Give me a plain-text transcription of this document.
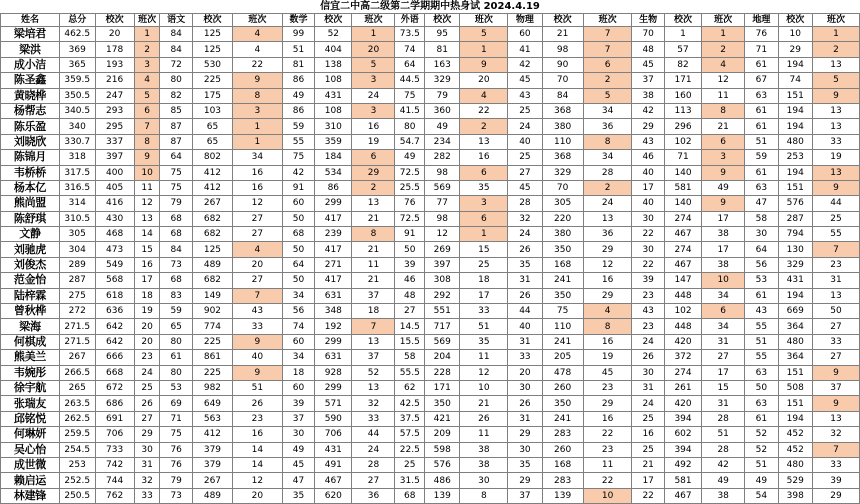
信宜二中高二级第二学期期中热身试 2024.4.19
姓名	总分	校次	班次	语文	校次	班次	数学	校次	班次	外语	校次	班次	物理	校次	班次	生物	校次	班次	地理	校次	班次
梁培君	462.5	20	1	84	125	4	99	52	1	73.5	95	5	60	21	7	70	1	1	76	10	1
梁洪	369	178	2	84	125	4	51	404	20	74	81	1	41	98	7	48	57	2	71	29	2
成小洁	365	193	3	72	530	22	81	138	5	64	163	9	42	90	6	45	82	4	61	194	13
陈圣鑫	359.5	216	4	80	225	9	86	108	3	44.5	329	20	45	70	2	37	171	12	67	74	5
黄晓桦	350.5	247	5	82	175	8	49	431	24	75	79	4	43	84	5	38	160	11	63	151	9
杨帮志	340.5	293	6	85	103	3	86	108	3	41.5	360	22	25	368	34	42	113	8	61	194	13
陈乐盈	340	295	7	87	65	1	59	310	16	80	49	2	24	380	36	29	296	21	61	194	13
刘晓欣	330.7	337	8	87	65	1	55	359	19	54.7	234	13	40	110	8	43	102	6	51	480	33
陈锦月	318	397	9	64	802	34	75	184	6	49	282	16	25	368	34	46	71	3	59	253	19
韦桥桥	317.5	400	10	75	412	16	42	534	29	72.5	98	6	27	329	28	40	140	9	61	194	13
杨本亿	316.5	405	11	75	412	16	91	86	2	25.5	569	35	45	70	2	17	581	49	63	151	9
熊尚盟	314	416	12	79	267	12	60	299	13	76	77	3	28	305	24	40	140	9	47	576	44
陈舒琪	310.5	430	13	68	682	27	50	417	21	72.5	98	6	32	220	13	30	274	17	58	287	25
文静	305	468	14	68	682	27	68	239	8	91	12	1	24	380	36	22	467	38	30	794	55
刘驰虎	304	473	15	84	125	4	50	417	21	50	269	15	26	350	29	30	274	17	64	130	7
刘俊杰	289	549	16	73	489	20	64	271	11	39	397	25	35	168	12	22	467	38	56	329	23
范金怡	287	568	17	68	682	27	50	417	21	46	308	18	31	241	16	39	147	10	53	431	31
陆梓霖	275	618	18	83	149	7	34	631	37	48	292	17	26	350	29	23	448	34	61	194	13
曾秋桦	272	636	19	59	902	43	56	348	18	27	551	33	44	75	4	43	102	6	43	669	50
梁海	271.5	642	20	65	774	33	74	192	7	14.5	717	51	40	110	8	23	448	34	55	364	27
何棋成	271.5	642	20	80	225	9	60	299	13	15.5	569	35	31	241	16	24	420	31	51	480	33
熊美兰	267	666	23	61	861	40	34	631	37	58	204	11	33	205	19	26	372	27	55	364	27
韦婉彤	266.5	668	24	80	225	9	18	928	52	55.5	228	12	20	478	45	30	274	17	63	151	9
徐宇航	265	672	25	53	982	51	60	299	13	62	171	10	30	260	23	31	261	15	50	508	37
张瑞友	263.5	686	26	69	649	26	39	571	32	42.5	350	21	26	350	29	24	420	31	63	151	9
邱铭悦	262.5	691	27	71	563	23	37	590	33	37.5	421	26	31	241	16	25	394	28	61	194	13
何琳妍	259.5	706	29	75	412	16	30	706	44	57.5	209	11	29	283	22	16	602	51	52	452	32
吴心怡	254.5	733	30	76	379	14	49	431	24	22.5	598	38	30	260	23	25	394	28	52	452	7
成世微	253	742	31	76	379	14	45	491	28	25	576	38	35	168	11	21	492	42	51	480	33
赖启运	252.5	744	32	79	267	12	47	467	27	31.5	486	30	29	283	22	17	581	49	49	529	39
林建锋	250.5	762	33	73	489	20	35	620	36	68	139	8	37	139	10	22	467	38	54	398	29
